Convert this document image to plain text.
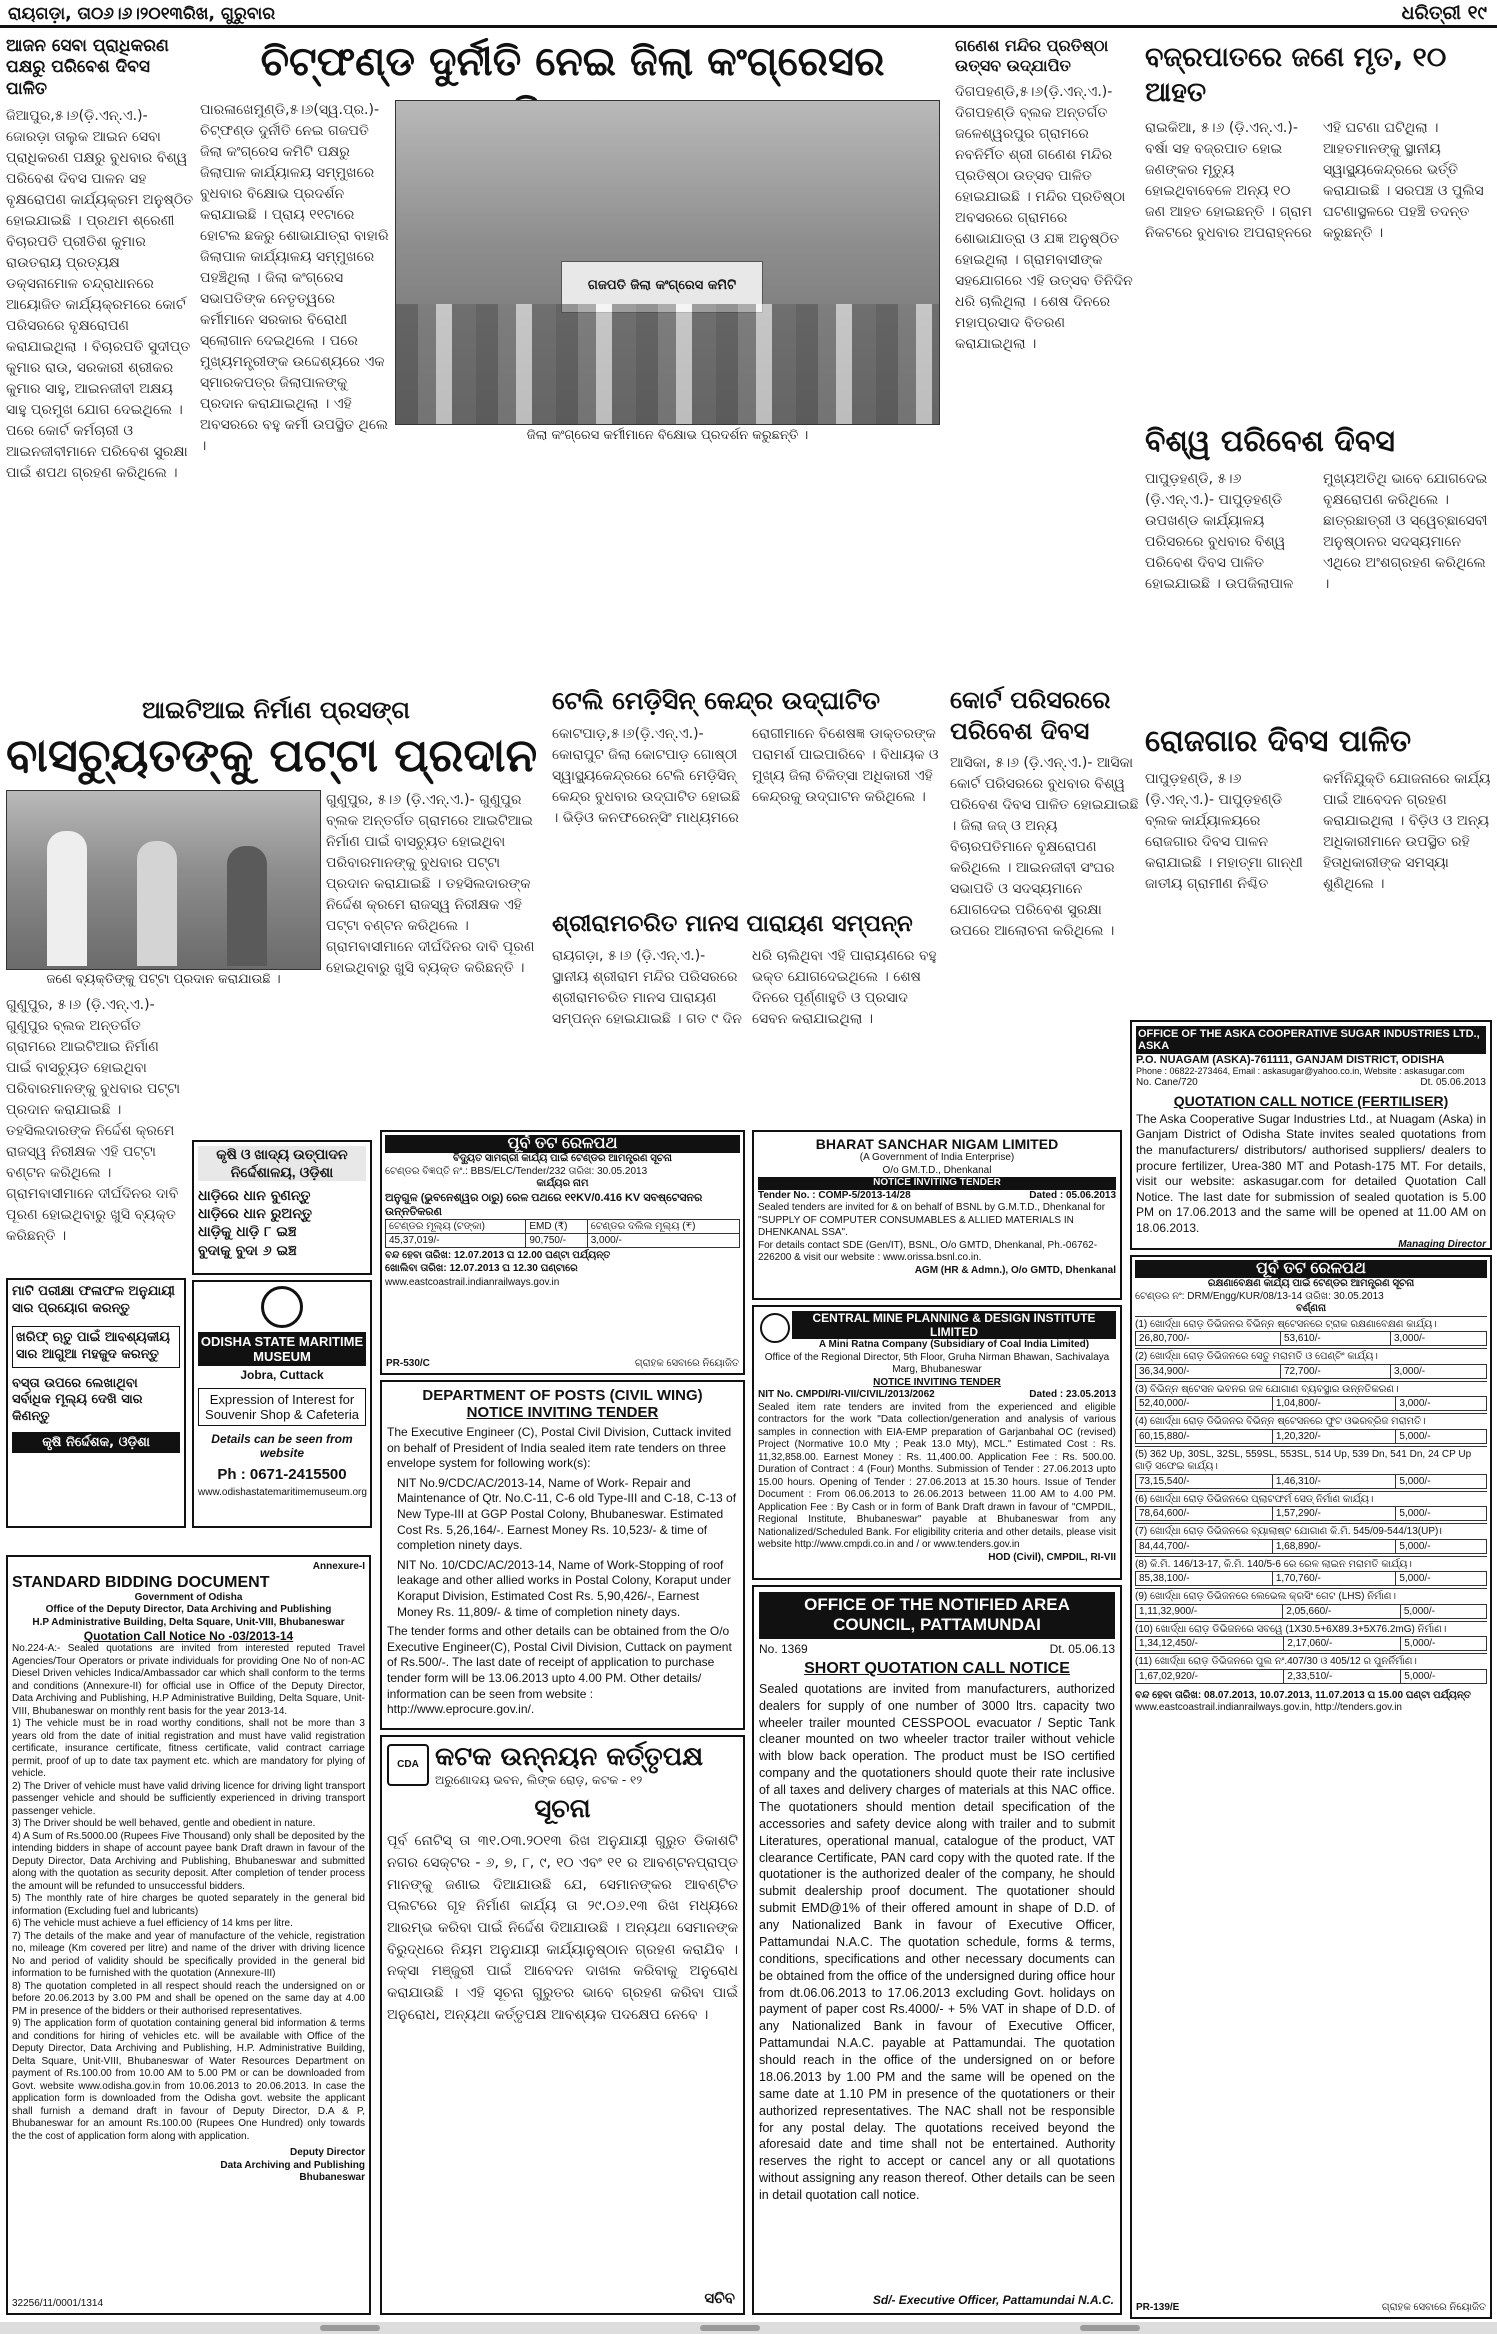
ରାୟଗଡ଼ା, ତା୦୬।୬।୨୦୧୩ରିଖ, ଗୁରୁବାର	ଧରିତ୍ରୀ ୧୯
ଆଜନ ସେବା ପ୍ରାଧିକରଣ ପକ୍ଷରୁ ପରିବେଶ ଦିବସ ପାଳିତ
ଜିଆପୁର,୫।୬(ଡ଼ି.ଏନ୍.ଏ.)- ଜୋରଡ଼ା ତାଲୁକ ଆଇନ ସେବା ପ୍ରାଧିକରଣ ପକ୍ଷରୁ ବୁଧବାର ବିଶ୍ୱ ପରିବେଶ ଦିବସ ପାଳନ ସହ ବୃକ୍ଷରୋପଣ କାର୍ଯ୍ୟକ୍ରମ ଅନୁଷ୍ଠିତ ହୋଇଯାଇଛି । ପ୍ରଥମ ଶ୍ରେଣୀ ବିଚାରପତି ପ୍ରୀତିଶ କୁମାର ରାଉତରାୟ ପ୍ରତ୍ୟକ୍ଷ ଡକ୍ସନାମୋଳ ଚନ୍ଦ୍ରାଧାନରେ ଆୟୋଜିତ କାର୍ଯ୍ୟକ୍ରମରେ କୋର୍ଟ ପରିସରରେ ବୃକ୍ଷରୋପଣ କରାଯାଇଥିଲା । ବିଚାରପତି ସୁଦୀପ୍ତ କୁମାର ରାଉ, ସରକାରୀ ଶ୍ରୀକର କୁମାର ସାହୁ, ଆଇନଜୀବୀ ଅକ୍ଷୟ ସାହୁ ପ୍ରମୁଖ ଯୋଗ ଦେଇଥିଲେ । ପରେ କୋର୍ଟ କର୍ମଚାରୀ ଓ ଆଇନଜୀବୀମାନେ ପରିବେଶ ସୁରକ୍ଷା ପାଇଁ ଶପଥ ଗ୍ରହଣ କରିଥିଲେ ।
ଚିଟ୍‌ଫଣ୍ଡ ଦୁର୍ନୀତି ନେଇ ଜିଲା କଂଗ୍ରେସର
ପାରଳାଖେମୁଣ୍ଡି,୫।୬(ସ୍ୱ.ପ୍ର.)- ଚିଟ୍‌ଫଣ୍ଡ ଦୁର୍ନୀତି ନେଇ ଗଜପତି ଜିଲା କଂଗ୍ରେସ କମିଟି ପକ୍ଷରୁ ଜିଲାପାଳ କାର୍ଯ୍ୟାଳୟ ସମ୍ମୁଖରେ ବୁଧବାର ବିକ୍ଷୋଭ ପ୍ରଦର୍ଶନ କରାଯାଇଛି । ପ୍ରାୟ ୧୧ଟାରେ ହୋଟଲ ଛକରୁ ଶୋଭାଯାତ୍ରା ବାହାରି ଜିଲାପାଳ କାର୍ଯ୍ୟାଳୟ ସମ୍ମୁଖରେ ପହଞ୍ଚିଥିଲା । ଜିଲା କଂଗ୍ରେସ ସଭାପତିଙ୍କ ନେତୃତ୍ୱରେ କର୍ମୀମାନେ ସରକାର ବିରୋଧୀ ସ୍ଲୋଗାନ ଦେଇଥିଲେ । ପରେ ମୁଖ୍ୟମନ୍ତ୍ରୀଙ୍କ ଉଦ୍ଦେଶ୍ୟରେ ଏକ ସ୍ମାରକପତ୍ର ଜିଲାପାଳଙ୍କୁ ପ୍ରଦାନ କରାଯାଇଥିଲା । ଏହି ଅବସରରେ ବହୁ କର୍ମୀ ଉପସ୍ଥିତ ଥିଲେ ।
ଗଜପତି ଜିଲା କଂଗ୍ରେସ କମିଟି
ଜିଲା କଂଗ୍ରେସ କର୍ମୀମାନେ ବିକ୍ଷୋଭ ପ୍ରଦର୍ଶନ କରୁଛନ୍ତି ।
ଗଣେଶ ମନ୍ଦିର ପ୍ରତିଷ୍ଠା ଉତ୍ସବ ଉଦ୍‌ଯାପିତ
ଦିଗପହଣ୍ଡି,୫।୬(ଡ଼ି.ଏନ୍.ଏ.)- ଦିଗପହଣ୍ଡି ବ୍ଲକ ଅନ୍ତର୍ଗତ ଜଳେଶ୍ୱରପୁର ଗ୍ରାମରେ ନବନିର୍ମିତ ଶ୍ରୀ ଗଣେଶ ମନ୍ଦିର ପ୍ରତିଷ୍ଠା ଉତ୍ସବ ପାଳିତ ହୋଇଯାଇଛି । ମନ୍ଦିର ପ୍ରତିଷ୍ଠା ଅବସରରେ ଗ୍ରାମରେ ଶୋଭାଯାତ୍ରା ଓ ଯଜ୍ଞ ଅନୁଷ୍ଠିତ ହୋଇଥିଲା । ଗ୍ରାମବାସୀଙ୍କ ସହଯୋଗରେ ଏହି ଉତ୍ସବ ତିନିଦିନ ଧରି ଚାଲିଥିଲା । ଶେଷ ଦିନରେ ମହାପ୍ରସାଦ ବିତରଣ କରାଯାଇଥିଲା ।
ବଜ୍ରପାତରେ ଜଣେ ମୃତ, ୧୦ ଆହତ
ରାଇକିଆ, ୫।୬ (ଡ଼ି.ଏନ୍.ଏ.)- ବର୍ଷା ସହ ବଜ୍ରପାତ ହୋଇ ଜଣଙ୍କର ମୃତ୍ୟୁ ହୋଇଥିବାବେଳେ ଅନ୍ୟ ୧୦ ଜଣ ଆହତ ହୋଇଛନ୍ତି । ଗ୍ରାମ ନିକଟରେ ବୁଧବାର ଅପରାହ୍ନରେ ଏହି ଘଟଣା ଘଟିଥିଲା । ଆହତମାନଙ୍କୁ ସ୍ଥାନୀୟ ସ୍ୱାସ୍ଥ୍ୟକେନ୍ଦ୍ରରେ ଭର୍ତ୍ତି କରାଯାଇଛି । ସରପଞ୍ଚ ଓ ପୁଲିସ ଘଟଣାସ୍ଥଳରେ ପହଞ୍ଚି ତଦନ୍ତ କରୁଛନ୍ତି ।
ବିଶ୍ୱ ପରିବେଶ ଦିବସ
ପାପୁଡ଼ହଣ୍ଡି, ୫।୬ (ଡ଼ି.ଏନ୍.ଏ.)- ପାପୁଡ଼ହଣ୍ଡି ଉପଖଣ୍ଡ କାର୍ଯ୍ୟାଳୟ ପରିସରରେ ବୁଧବାର ବିଶ୍ୱ ପରିବେଶ ଦିବସ ପାଳିତ ହୋଇଯାଇଛି । ଉପଜିଲାପାଳ ମୁଖ୍ୟଅତିଥି ଭାବେ ଯୋଗଦେଇ ବୃକ୍ଷରୋପଣ କରିଥିଲେ । ଛାତ୍ରଛାତ୍ରୀ ଓ ସ୍ୱେଚ୍ଛାସେବୀ ଅନୁଷ୍ଠାନର ସଦସ୍ୟମାନେ ଏଥିରେ ଅଂଶଗ୍ରହଣ କରିଥିଲେ ।
ରୋଜଗାର ଦିବସ ପାଳିତ
ପାପୁଡ଼ହଣ୍ଡି, ୫।୬ (ଡ଼ି.ଏନ୍.ଏ.)- ପାପୁଡ଼ହଣ୍ଡି ବ୍ଲକ କାର୍ଯ୍ୟାଳୟରେ ରୋଜଗାର ଦିବସ ପାଳନ କରାଯାଇଛି । ମହାତ୍ମା ଗାନ୍ଧୀ ଜାତୀୟ ଗ୍ରାମୀଣ ନିଶ୍ଚିତ କର୍ମନିଯୁକ୍ତି ଯୋଜନାରେ କାର୍ଯ୍ୟ ପାଇଁ ଆବେଦନ ଗ୍ରହଣ କରାଯାଇଥିଲା । ବିଡ଼ିଓ ଓ ଅନ୍ୟ ଅଧିକାରୀମାନେ ଉପସ୍ଥିତ ରହି ହିତାଧିକାରୀଙ୍କ ସମସ୍ୟା ଶୁଣିଥିଲେ ।
ଆଇଟିଆଇ ନିର୍ମାଣ ପ୍ରସଙ୍ଗ
ବାସଚ୍ୟୁତଙ୍କୁ ପଟ୍ଟା ପ୍ରଦାନ
ଜଣେ ବ୍ୟକ୍ତିଙ୍କୁ ପଟ୍ଟା ପ୍ରଦାନ କରାଯାଉଛି ।
ଗୁଣୁପୁର, ୫।୬ (ଡ଼ି.ଏନ୍.ଏ.)- ଗୁଣୁପୁର ବ୍ଲକ ଅନ୍ତର୍ଗତ ଗ୍ରାମରେ ଆଇଟିଆଇ ନିର୍ମାଣ ପାଇଁ ବାସଚ୍ୟୁତ ହୋଇଥିବା ପରିବାରମାନଙ୍କୁ ବୁଧବାର ପଟ୍ଟା ପ୍ରଦାନ କରାଯାଇଛି । ତହସିଲଦାରଙ୍କ ନିର୍ଦ୍ଦେଶ କ୍ରମେ ରାଜସ୍ୱ ନିରୀକ୍ଷକ ଏହି ପଟ୍ଟା ବଣ୍ଟନ କରିଥିଲେ । ଗ୍ରାମବାସୀମାନେ ଦୀର୍ଘଦିନର ଦାବି ପୂରଣ ହୋଇଥିବାରୁ ଖୁସି ବ୍ୟକ୍ତ କରିଛନ୍ତି ।
ଗୁଣୁପୁର, ୫।୬ (ଡ଼ି.ଏନ୍.ଏ.)- ଗୁଣୁପୁର ବ୍ଲକ ଅନ୍ତର୍ଗତ ଗ୍ରାମରେ ଆଇଟିଆଇ ନିର୍ମାଣ ପାଇଁ ବାସଚ୍ୟୁତ ହୋଇଥିବା ପରିବାରମାନଙ୍କୁ ବୁଧବାର ପଟ୍ଟା ପ୍ରଦାନ କରାଯାଇଛି । ତହସିଲଦାରଙ୍କ ନିର୍ଦ୍ଦେଶ କ୍ରମେ ରାଜସ୍ୱ ନିରୀକ୍ଷକ ଏହି ପଟ୍ଟା ବଣ୍ଟନ କରିଥିଲେ । ଗ୍ରାମବାସୀମାନେ ଦୀର୍ଘଦିନର ଦାବି ପୂରଣ ହୋଇଥିବାରୁ ଖୁସି ବ୍ୟକ୍ତ କରିଛନ୍ତି ।
ଟେଲି ମେଡ଼ିସିନ୍ କେନ୍ଦ୍ର ଉଦ୍‌ଘାଟିତ
କୋଟପାଡ଼,୫।୬(ଡ଼ି.ଏନ୍.ଏ.)- କୋରାପୁଟ ଜିଲା କୋଟପାଡ଼ ଗୋଷ୍ଠୀ ସ୍ୱାସ୍ଥ୍ୟକେନ୍ଦ୍ରରେ ଟେଲି ମେଡ଼ିସିନ୍ କେନ୍ଦ୍ର ବୁଧବାର ଉଦ୍‌ଘାଟିତ ହୋଇଛି । ଭିଡ଼ିଓ କନଫରେନ୍ସିଂ ମାଧ୍ୟମରେ ରୋଗୀମାନେ ବିଶେଷଜ୍ଞ ଡାକ୍ତରଙ୍କ ପରାମର୍ଶ ପାଇପାରିବେ । ବିଧାୟକ ଓ ମୁଖ୍ୟ ଜିଲା ଚିକିତ୍ସା ଅଧିକାରୀ ଏହି କେନ୍ଦ୍ରକୁ ଉଦ୍‌ଘାଟନ କରିଥିଲେ ।
ଶ୍ରୀରାମଚରିତ ମାନସ ପାରାୟଣ ସମ୍ପନ୍ନ
ରାୟଗଡ଼ା, ୫।୬ (ଡ଼ି.ଏନ୍.ଏ.)- ସ୍ଥାନୀୟ ଶ୍ରୀରାମ ମନ୍ଦିର ପରିସରରେ ଶ୍ରୀରାମଚରିତ ମାନସ ପାରାୟଣ ସମ୍ପନ୍ନ ହୋଇଯାଇଛି । ଗତ ୯ ଦିନ ଧରି ଚାଲିଥିବା ଏହି ପାରାୟଣରେ ବହୁ ଭକ୍ତ ଯୋଗଦେଇଥିଲେ । ଶେଷ ଦିନରେ ପୂର୍ଣ୍ଣାହୁତି ଓ ପ୍ରସାଦ ସେବନ କରାଯାଇଥିଲା ।
କୋର୍ଟ ପରିସରରେ ପରିବେଶ ଦିବସ
ଆସିକା, ୫।୬ (ଡ଼ି.ଏନ୍.ଏ.)- ଆସିକା କୋର୍ଟ ପରିସରରେ ବୁଧବାର ବିଶ୍ୱ ପରିବେଶ ଦିବସ ପାଳିତ ହୋଇଯାଇଛି । ଜିଲା ଜଜ୍ ଓ ଅନ୍ୟ ବିଚାରପତିମାନେ ବୃକ୍ଷରୋପଣ କରିଥିଲେ । ଆଇନଜୀବୀ ସଂଘର ସଭାପତି ଓ ସଦସ୍ୟମାନେ ଯୋଗଦେଇ ପରିବେଶ ସୁରକ୍ଷା ଉପରେ ଆଲୋଚନା କରିଥିଲେ ।
କୃଷି ଓ ଖାଦ୍ୟ ଉତ୍ପାଦନ ନିର୍ଦ୍ଦେଶାଳୟ, ଓଡ଼ିଶା
ଧାଡ଼ିରେ ଧାନ ବୁଣନ୍ତୁ
ଧାଡ଼ିରେ ଧାନ ରୁଅନ୍ତୁ
ଧାଡ଼ିକୁ ଧାଡ଼ି ୮ ଇଞ୍ଚ
ବୁଦାକୁ ବୁଦା ୬ ଇଞ୍ଚ
ମାଟି ପରୀକ୍ଷା ଫଳାଫଳ ଅନୁଯାୟୀ ସାର ପ୍ରୟୋଗ କରନ୍ତୁ
ଖରିଫ୍ ଋତୁ ପାଇଁ ଆବଶ୍ୟକୀୟ ସାର ଆଗୁଆ ମହଜୁଦ କରନ୍ତୁ
ବସ୍ତା ଉପରେ ଲେଖାଥିବା ସର୍ବାଧିକ ମୂଲ୍ୟ ଦେଖି ସାର କିଣନ୍ତୁ
କୃଷି ନିର୍ଦ୍ଦେଶକ, ଓଡ଼ିଶା
ODISHA STATE MARITIME MUSEUM
Jobra, Cuttack
Expression of Interest for Souvenir Shop & Cafeteria
Details can be seen from website
Ph : 0671-2415500
www.odishastatemaritimemuseum.org
ପୂର୍ବ ତଟ ରେଳପଥ
ବିଦ୍ୟୁତ ସାମଗ୍ରୀ କାର୍ଯ୍ୟ ପାଇଁ ଟେଣ୍ଡର ଆମନ୍ତ୍ରଣ ସୂଚନା
ଟେଣ୍ଡର ବିଜ୍ଞପ୍ତି ନଂ.: BBS/ELC/Tender/232 ତାରିଖ: 30.05.2013
କାର୍ଯ୍ୟର ନାମ
ଅନୁଗୁଳ (ଭୁବନେଶ୍ୱର ଠାରୁ) ରେଳ ପଥରେ ୧୧KV/0.416 KV ସବଷ୍ଟେସନର ଉନ୍ନତିକରଣ
ଟେଣ୍ଡର ମୂଲ୍ୟ (ଟଙ୍କା)	EMD (₹)	ଟେଣ୍ଡର ଦଲିଲ ମୂଲ୍ୟ (₹)
45,37,019/-	90,750/-	3,000/-
ବନ୍ଦ ହେବା ତାରିଖ: 12.07.2013 ଘ 12.00 ଘଣ୍ଟା ପର୍ଯ୍ୟନ୍ତ
ଖୋଲିବା ତାରିଖ: 12.07.2013 ଘ 12.30 ଘଣ୍ଟାରେ
www.eastcoastrail.indianrailways.gov.in
PR-530/C	ଗ୍ରାହକ ସେବାରେ ନିୟୋଜିତ
BHARAT SANCHAR NIGAM LIMITED
(A Government of India Enterprise)
O/o GM.T.D., Dhenkanal
NOTICE INVITING TENDER
Tender No. : COMP-5/2013-14/28	Dated : 05.06.2013
Sealed tenders are invited for & on behalf of BSNL by G.M.T.D., Dhenkanal for "SUPPLY OF COMPUTER CONSUMABLES & ALLIED MATERIALS IN DHENKANAL SSA".
For details contact SDE (Gen/IT), BSNL, O/o GMTD, Dhenkanal, Ph.-06762-226200 & visit our website : www.orissa.bsnl.co.in.
AGM (HR & Admn.), O/o GMTD, Dhenkanal
CENTRAL MINE PLANNING & DESIGN INSTITUTE LIMITED
A Mini Ratna Company (Subsidiary of Coal India Limited)
Office of the Regional Director, 5th Floor, Gruha Nirman Bhawan, Sachivalaya Marg, Bhubaneswar
NOTICE INVITING TENDER
NIT No. CMPDI/RI-VII/CIVIL/2013/2062	Dated : 23.05.2013
Sealed item rate tenders are invited from the experienced and eligible contractors for the work "Data collection/generation and analysis of various samples in connection with EIA-EMP preparation of Garjanbahal OC (revised) Project (Normative 10.0 Mty ; Peak 13.0 Mty), MCL." Estimated Cost : Rs. 11,32,858.00. Earnest Money : Rs. 11,400.00. Application Fee : Rs. 500.00. Duration of Contract : 4 (Four) Months. Submission of Tender : 27.06.2013 upto 15.00 hours. Opening of Tender : 27.06.2013 at 15.30 hours. Issue of Tender Document : From 06.06.2013 to 26.06.2013 between 11.00 AM to 4.00 PM. Application Fee : By Cash or in form of Bank Draft drawn in favour of "CMPDIL, Regional Institute, Bhubaneswar" payable at Bhubaneswar from any Nationalized/Scheduled Bank. For eligibility criteria and other details, please visit website http://www.cmpdi.co.in and / or www.tenders.gov.in
HOD (Civil), CMPDIL, RI-VII
OFFICE OF THE ASKA COOPERATIVE SUGAR INDUSTRIES LTD., ASKA
P.O. NUAGAM (ASKA)-761111, GANJAM DISTRICT, ODISHA
Phone : 06822-273464, Email : askasugar@yahoo.co.in, Website : askasugar.com
No. Cane/720	Dt. 05.06.2013
QUOTATION CALL NOTICE (FERTILISER)
The Aska Cooperative Sugar Industries Ltd., at Nuagam (Aska) in Ganjam District of Odisha State invites sealed quotations from the manufacturers/ distributors/ authorised suppliers/ dealers to procure fertilizer, Urea-380 MT and Potash-175 MT. For details, visit our website: askasugar.com for detailed Quotation Call Notice. The last date for submission of sealed quotation is 5.00 PM on 17.06.2013 and the same will be opened at 11.00 AM on 18.06.2013.
Managing Director
ପୂର୍ବ ତଟ ରେଳପଥ
ରକ୍ଷଣାବେକ୍ଷଣ କାର୍ଯ୍ୟ ପାଇଁ ଟେଣ୍ଡର ଆମନ୍ତ୍ରଣ ସୂଚନା
ଟେଣ୍ଡର ନଂ: DRM/Engg/KUR/08/13-14 ତାରିଖ: 30.05.2013
ବର୍ଣ୍ଣନା
(1) ଖୋର୍ଦ୍ଧା ରୋଡ଼ ଡିଭିଜନର ବିଭିନ୍ନ ଷ୍ଟେସନରେ ଟ୍ରାକ ରକ୍ଷଣାବେକ୍ଷଣ କାର୍ଯ୍ୟ।
26,80,700/-	53,610/-	3,000/-
(2) ଖୋର୍ଦ୍ଧା ରୋଡ଼ ଡିଭିଜନରେ ସେତୁ ମରାମତି ଓ ପେଣ୍ଟିଂ କାର୍ଯ୍ୟ।
36,34,900/-	72,700/-	3,000/-
(3) ବିଭିନ୍ନ ଷ୍ଟେସନ ଭବନର ଜଳ ଯୋଗାଣ ବ୍ୟବସ୍ଥାର ଉନ୍ନତିକରଣ।
52,40,000/-	1,04,800/-	3,000/-
(4) ଖୋର୍ଦ୍ଧା ରୋଡ଼ ଡିଭିଜନର ବିଭିନ୍ନ ଷ୍ଟେସନରେ ଫୁଟ ଓଭରବ୍ରିଜ ମରାମତି।
60,15,880/-	1,20,320/-	5,000/-
(5) 362 Up, 30SL, 32SL, 559SL, 553SL, 514 Up, 539 Dn, 541 Dn, 24 CP Up ଗାଡ଼ି ସଫେଇ କାର୍ଯ୍ୟ।
73,15,540/-	1,46,310/-	5,000/-
(6) ଖୋର୍ଦ୍ଧା ରୋଡ଼ ଡିଭିଜନରେ ପ୍ଲାଟଫର୍ମ ସେଡ୍ ନିର୍ମାଣ କାର୍ଯ୍ୟ।
78,64,600/-	1,57,290/-	5,000/-
(7) ଖୋର୍ଦ୍ଧା ରୋଡ଼ ଡିଭିଜନରେ ବ୍ୟାଲାଷ୍ଟ ଯୋଗାଣ କି.ମି. 545/09-544/13(UP)।
84,44,700/-	1,68,890/-	5,000/-
(8) କି.ମି. 146/13-17, କି.ମି. 140/5-6 ରେ ରେଳ ଲାଇନ ମରାମତି କାର୍ଯ୍ୟ।
85,38,100/-	1,70,760/-	5,000/-
(9) ଖୋର୍ଦ୍ଧା ରୋଡ଼ ଡିଭିଜନରେ ଲେଭେଲ କ୍ରସିଂ ଗେଟ (LHS) ନିର୍ମାଣ।
1,11,32,900/-	2,05,660/-	5,000/-
(10) ଖୋର୍ଦ୍ଧା ରୋଡ଼ ଡିଭିଜନରେ ସବୱେ (1X30.5+6X89.3+5X76.2mG) ନିର୍ମାଣ।
1,34,12,450/-	2,17,060/-	5,000/-
(11) ଖୋର୍ଦ୍ଧା ରୋଡ଼ ଡିଭିଜନରେ ପୁଲ ନଂ.407/30 ଓ 405/12 ର ପୁନର୍ନିର୍ମାଣ।
1,67,02,920/-	2,33,510/-	5,000/-
ବନ୍ଦ ହେବା ତାରିଖ: 08.07.2013, 10.07.2013, 11.07.2013 ଘ 15.00 ଘଣ୍ଟା ପର୍ଯ୍ୟନ୍ତ
www.eastcoastrail.indianrailways.gov.in, http://tenders.gov.in
PR-139/E	ଗ୍ରାହକ ସେବାରେ ନିୟୋଜିତ
DEPARTMENT OF POSTS (CIVIL WING)
NOTICE INVITING TENDER
The Executive Engineer (C), Postal Civil Division, Cuttack invited on behalf of President of India sealed item rate tenders on three envelope system for following work(s):
NIT No.9/CDC/AC/2013-14, Name of Work- Repair and Maintenance of Qtr. No.C-11, C-6 old Type-III and C-18, C-13 of New Type-III at GGP Postal Colony, Bhubaneswar. Estimated Cost Rs. 5,26,164/-. Earnest Money Rs. 10,523/- & time of completion ninety days.
NIT No. 10/CDC/AC/2013-14, Name of Work-Stopping of roof leakage and other allied works in Postal Colony, Koraput under Koraput Division, Estimated Cost Rs. 5,90,426/-, Earnest Money Rs. 11,809/- & time of completion ninety days.
The tender forms and other details can be obtained from the O/o Executive Engineer(C), Postal Civil Division, Cuttack on payment of Rs.500/-. The last date of receipt of application to purchase tender form will be 13.06.2013 upto 4.00 PM. Other details/ information can be seen from website : http://www.eprocure.gov.in/.
Annexure-I
STANDARD BIDDING DOCUMENT
Government of Odisha
Office of the Deputy Director, Data Archiving and Publishing
H.P Administrative Building, Delta Square, Unit-VIII, Bhubaneswar
Quotation Call Notice No -03/2013-14
No.224-A:- Sealed quotations are invited from interested reputed Travel Agencies/Tour Operators or private individuals for providing One No of non-AC Diesel Driven vehicles Indica/Ambassador car which shall conform to the terms and conditions (Annexure-II) for official use in Office of the Deputy Director, Data Archiving and Publishing, H.P Administrative Building, Delta Square, Unit-VIII, Bhubaneswar on monthly rent basis for the year 2013-14.
1) The vehicle must be in road worthy conditions, shall not be more than 3 years old from the date of initial registration and must have valid registration certificate, insurance certificate, fitness certificate, valid contract carriage permit, proof of up to date tax payment etc. which are mandatory for plying of vehicle.
2) The Driver of vehicle must have valid driving licence for driving light transport passenger vehicle and should be sufficiently experienced in driving transport passenger vehicle.
3) The Driver should be well behaved, gentle and obedient in nature.
4) A Sum of Rs.5000.00 (Rupees Five Thousand) only shall be deposited by the intending bidders in shape of account payee bank Draft drawn in favour of the Deputy Director, Data Archiving and Publishing, Bhubaneswar and submitted along with the quotation as security deposit. After completion of tender process the amount will be refunded to unsuccessful bidders.
5) The monthly rate of hire charges be quoted separately in the general bid information (Excluding fuel and lubricants)
6) The vehicle must achieve a fuel efficiency of 14 kms per litre.
7) The details of the make and year of manufacture of the vehicle, registration no, mileage (Km covered per litre) and name of the driver with driving licence No and period of validity should be specifically provided in the general bid information to be furnished with the quotation (Annexure-III)
8) The quotation completed in all respect should reach the undersigned on or before 20.06.2013 by 3.00 PM and shall be opened on the same day at 4.00 PM in presence of the bidders or their authorised representatives.
9) The application form of quotation containing general bid information & terms and conditions for hiring of vehicles etc. will be available with Office of the Deputy Director, Data Archiving and Publishing, H.P. Administrative Building, Delta Square, Unit-VIII, Bhubaneswar of Water Resources Department on payment of Rs.100.00 from 10.00 AM to 5.00 PM or can be downloaded from Govt. website www.odisha.gov.in from 10.06.2013 to 20.06.2013. In case the application form is downloaded from the Odisha govt. website the applicant shall furnish a demand draft in favour of Deputy Director, D.A & P, Bhubaneswar for an amount Rs.100.00 (Rupees One Hundred) only towards the the cost of application form along with application.
Deputy Director
Data Archiving and Publishing
Bhubaneswar
32256/11/0001/1314
CDA କଟକ ଉନ୍ନୟନ କର୍ତ୍ତୃପକ୍ଷ
ଅରୁଣୋଦୟ ଭବନ, ଲିଙ୍କ ରୋଡ଼, କଟକ - ୧୨
ସୂଚନା
ପୂର୍ବ ନୋଟିସ୍ ତା ୩୧.୦୩.୨୦୧୩ ରିଖ ଅନୁଯାୟୀ ଗୁରୁତ ଡିକାଶଟି ନଗର ସେକ୍ଟର - ୬, ୭, ୮, ୯, ୧୦ ଏବଂ ୧୧ ର ଆବଣ୍ଟନପ୍ରାପ୍ତ ମାନଙ୍କୁ ଜଣାଇ ଦିଆଯାଉଛି ଯେ, ସେମାନଙ୍କର ଆବଣ୍ଟିତ ପ୍ଲଟରେ ଗୃହ ନିର୍ମାଣ କାର୍ଯ୍ୟ ତା ୨୯.୦୬.୧୩ ରିଖ ମଧ୍ୟରେ ଆରମ୍ଭ କରିବା ପାଇଁ ନିର୍ଦ୍ଦେଶ ଦିଆଯାଉଛି । ଅନ୍ୟଥା ସେମାନଙ୍କ ବିରୁଦ୍ଧରେ ନିୟମ ଅନୁଯାୟୀ କାର୍ଯ୍ୟାନୁଷ୍ଠାନ ଗ୍ରହଣ କରାଯିବ । ନକ୍ସା ମଞ୍ଜୁରୀ ପାଇଁ ଆବେଦନ ଦାଖଲ କରିବାକୁ ଅନୁରୋଧ କରାଯାଉଛି । ଏହି ସୂଚନା ଗୁରୁତର ଭାବେ ଗ୍ରହଣ କରିବା ପାଇଁ ଅନୁରୋଧ, ଅନ୍ୟଥା କର୍ତ୍ତୃପକ୍ଷ ଆବଶ୍ୟକ ପଦକ୍ଷେପ ନେବେ ।
ସଚିବ
OFFICE OF THE NOTIFIED AREA COUNCIL, PATTAMUNDAI
No. 1369	Dt. 05.06.13
SHORT QUOTATION CALL NOTICE
Sealed quotations are invited from manufacturers, authorized dealers for supply of one number of 3000 ltrs. capacity two wheeler trailer mounted CESSPOOL evacuator / Septic Tank cleaner mounted on two wheeler tractor trailer without vehicle with blow back operation. The product must be ISO certified company and the quotationers should quote their rate inclusive of all taxes and delivery charges of materials at this NAC office. The quotationers should mention detail specification of the accessories and safety device along with trailer and to submit Literatures, operational manual, catalogue of the product, VAT clearance Certificate, PAN card copy with the quoted rate. If the quotationer is the authorized dealer of the company, he should submit dealership proof document. The quotationer should submit EMD@1% of their offered amount in shape of D.D. of any Nationalized Bank in favour of Executive Officer, Pattamundai N.A.C. The quotation schedule, forms & terms, conditions, specifications and other necessary documents can be obtained from the office of the undersigned during office hour from dt.06.06.2013 to 17.06.2013 excluding Govt. holidays on payment of paper cost Rs.4000/- + 5% VAT in shape of D.D. of any Nationalized Bank in favour of Executive Officer, Pattamundai N.A.C. payable at Pattamundai. The quotation should reach in the office of the undersigned on or before 18.06.2013 by 1.00 PM and the same will be opened on the same date at 1.10 PM in presence of the quotationers or their authorized representatives. The NAC shall not be responsible for any postal delay. The quotations received beyond the aforesaid date and time shall not be entertained. Authority reserves the right to accept or cancel any or all quotations without assigning any reason thereof. Other details can be seen in detail quotation call notice.
Sd/- Executive Officer, Pattamundai N.A.C.
